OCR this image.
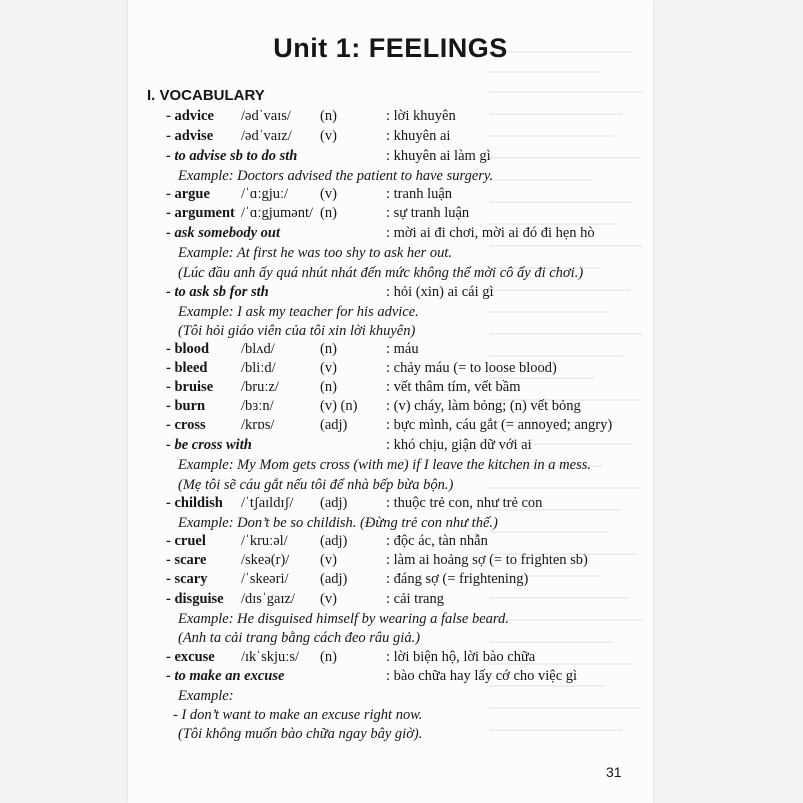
Unit 1: FEELINGS
I. VOCABULARY
- advice /ədˈvaɪs/ (n)	: lời khuyên
- advise /ədˈvaɪz/ (v)	: khuyên ai
- to advise sb to do sth	: khuyên ai làm gì
Example: Doctors advised the patient to have surgery.
- argue /ˈɑːgjuː/ (v)	: tranh luận
- argument /ˈɑːgjumənt/ (n)	: sự tranh luận
- ask somebody out	: mời ai đi chơi, mời ai đó đi hẹn hò
Example: At first he was too shy to ask her out.
(Lúc đầu anh ấy quá nhút nhát đến mức không thể mời cô ấy đi chơi.)
- to ask sb for sth	: hỏi (xin) ai cái gì
Example: I ask my teacher for his advice.
(Tôi hỏi giáo viên của tôi xin lời khuyên)
- blood /blʌd/	(n)	: máu
- bleed /bliːd/	(v)	: chảy máu (= to loose blood)
- bruise /bruːz/	(n)	: vết thâm tím, vết bầm
- burn /bɜːn/	(v) (n) : (v) cháy, làm bỏng; (n) vết bỏng
- cross /krɒs/	(adj)	: bực mình, cáu gắt (= annoyed; angry)
- be cross with	: khó chịu, giận dữ với ai
Example: My Mom gets cross (with me) if I leave the kitchen in a mess.
(Mẹ tôi sẽ cáu gắt nếu tôi để nhà bếp bừa bộn.)
- childish /ˈtʃaɪldɪʃ/ (adj)	: thuộc trẻ con, như trẻ con
Example: Don’t be so childish. (Đừng trẻ con như thế.)
- cruel /ˈkruːəl/ (adj)	: độc ác, tàn nhẫn
- scare /skeə(r)/ (v)	: làm ai hoảng sợ (= to frighten sb)
- scary /ˈskeəri/ (adj)	: đáng sợ (= frightening)
- disguise /dɪsˈgaɪz/ (v)	: cải trang
Example: He disguised himself by wearing a false beard.
(Anh ta cải trang bằng cách đeo râu giả.)
- excuse /ɪkˈskjuːs/ (n)	: lời biện hộ, lời bào chữa
- to make an excuse	: bào chữa hay lấy cớ cho việc gì
Example:
- I don’t want to make an excuse right now.
(Tôi không muốn bào chữa ngay bây giờ).
31
